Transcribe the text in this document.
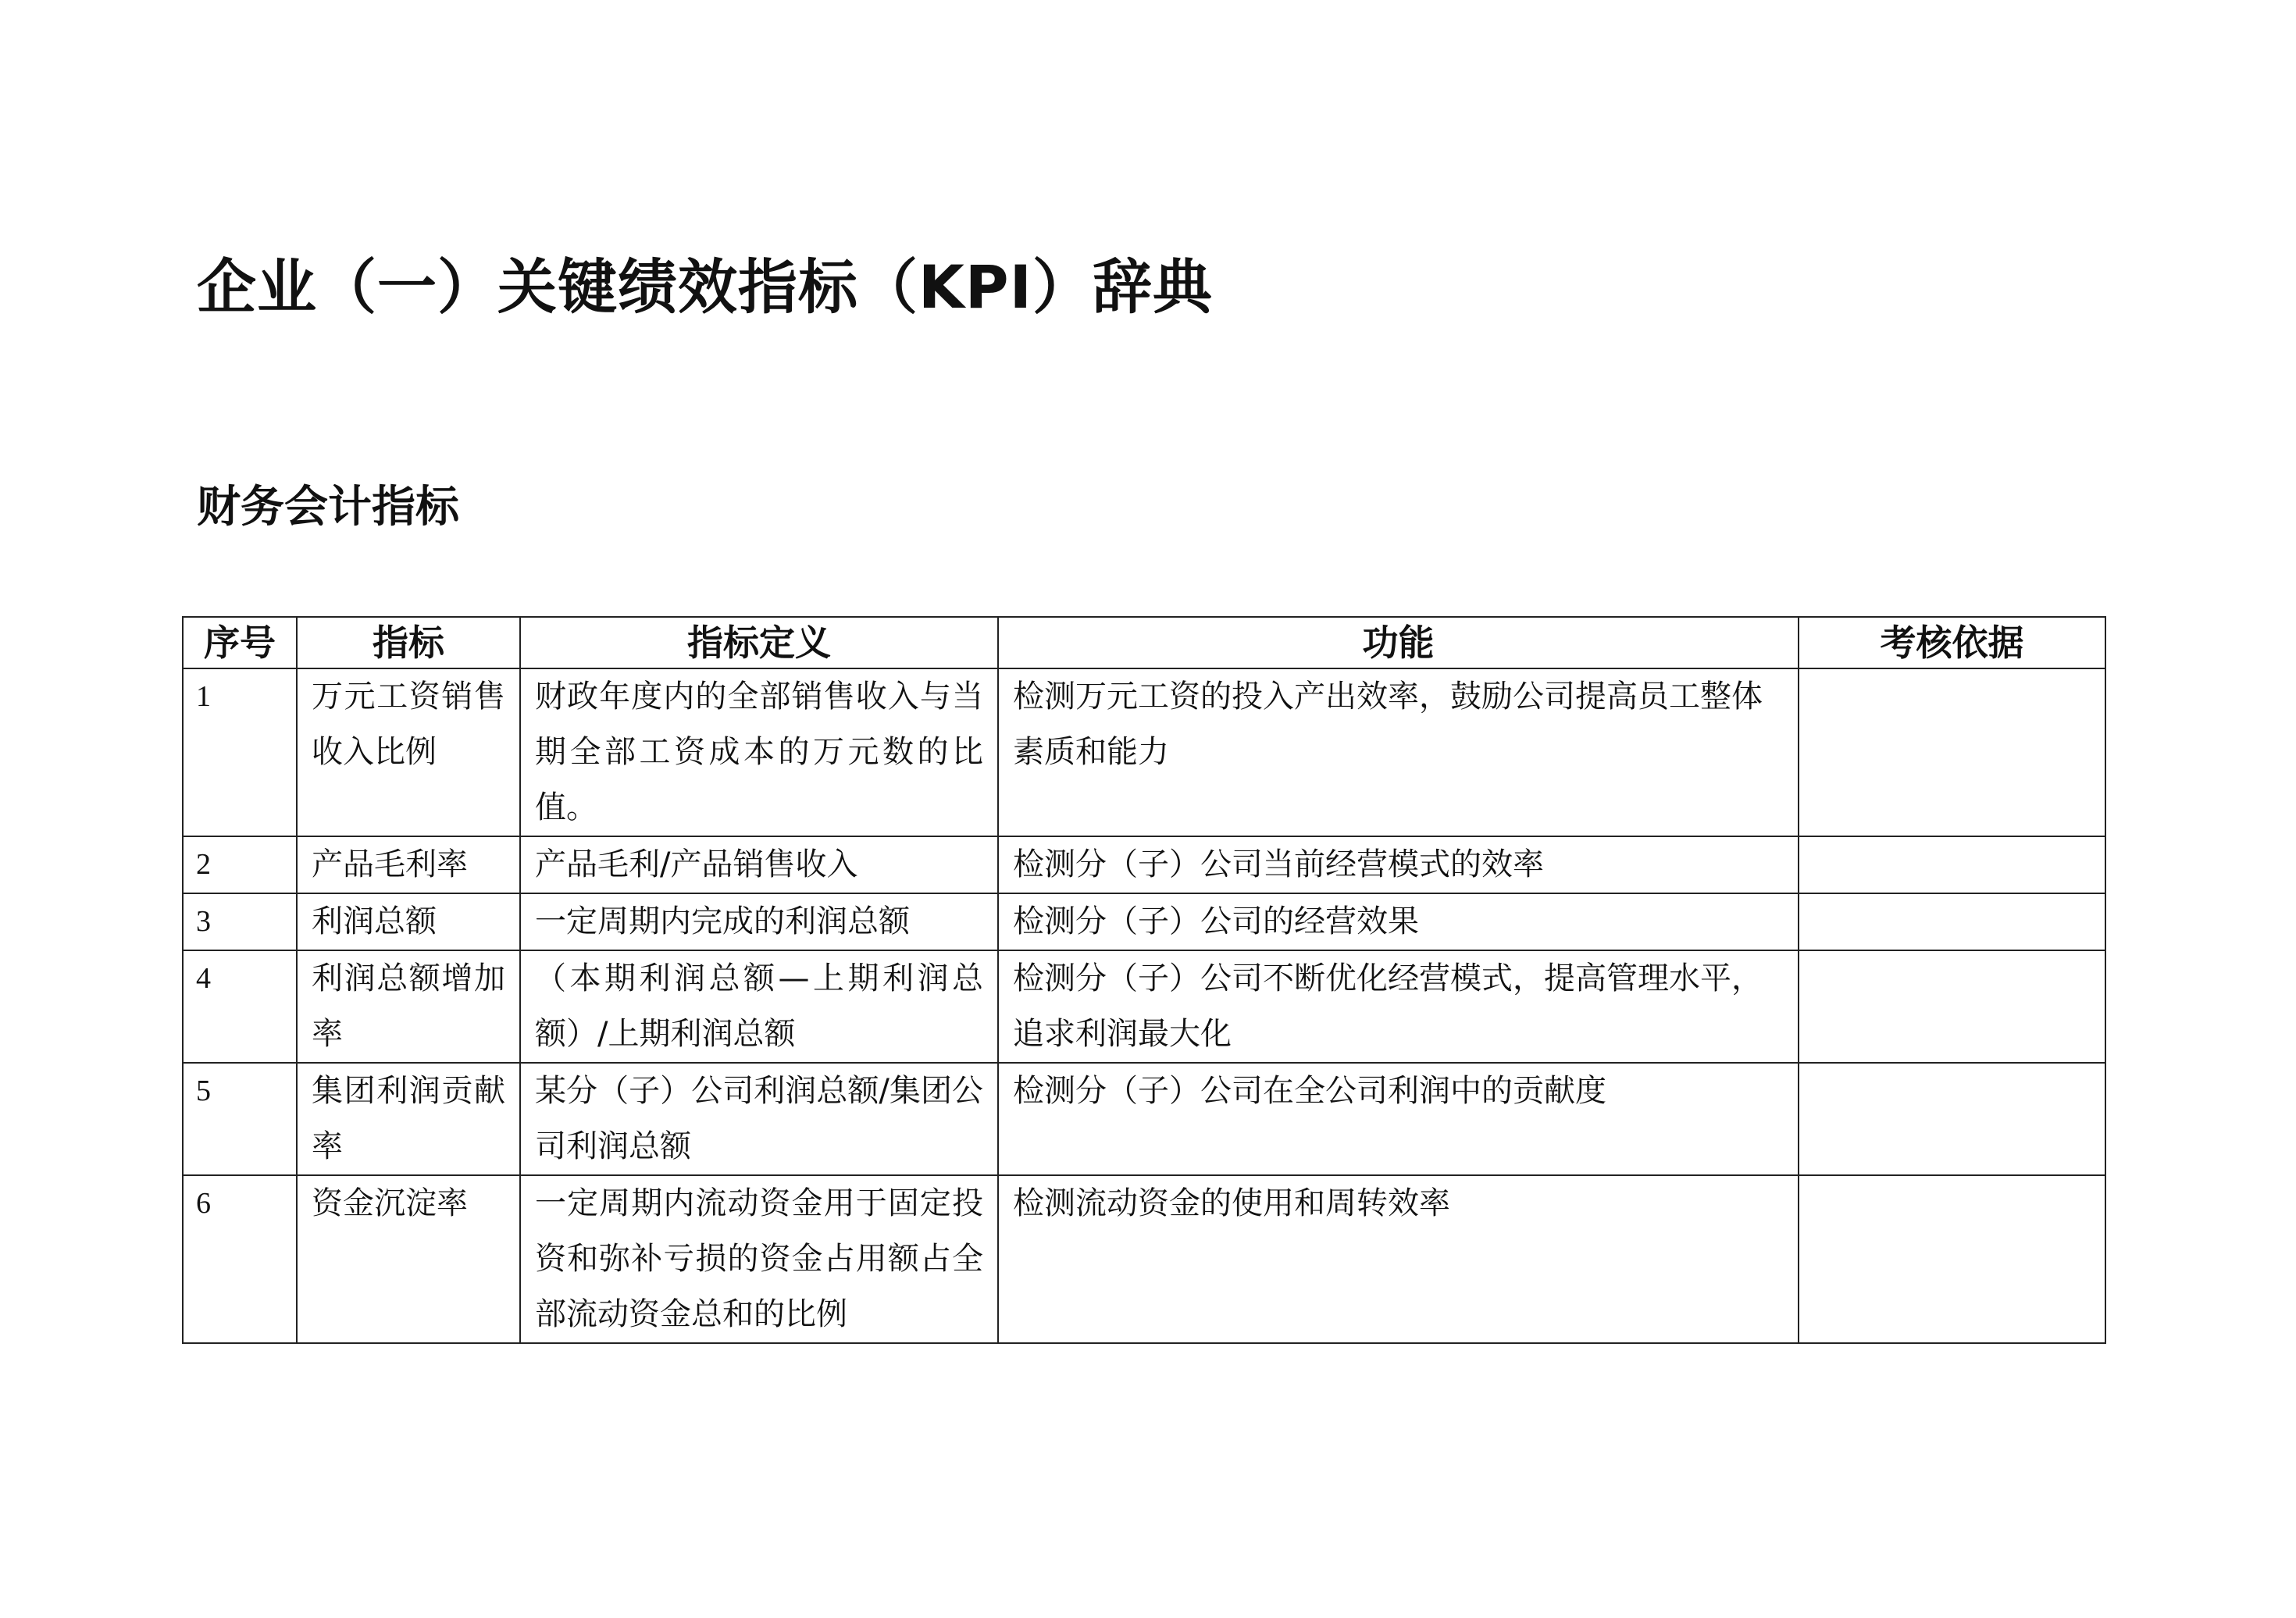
企业（一）关键绩效指标（KPI）辞典
财务会计指标
序号	指标	指标定义	功能	考核依据
1	万元工资销售收入比例	财政年度内的全部销售收入与当期全部工资成本的万元数的比值。	检测万元工资的投入产出效率，鼓励公司提高员工整体素质和能力	
2	产品毛利率	产品毛利/产品销售收入	检测分（子）公司当前经营模式的效率	
3	利润总额	一定周期内完成的利润总额	检测分（子）公司的经营效果	
4	利润总额增加率	（本期利润总额—上期利润总额）/上期利润总额	检测分（子）公司不断优化经营模式，提高管理水平，追求利润最大化	
5	集团利润贡献率	某分（子）公司利润总额/集团公司利润总额	检测分（子）公司在全公司利润中的贡献度	
6	资金沉淀率	一定周期内流动资金用于固定投资和弥补亏损的资金占用额占全部流动资金总和的比例	检测流动资金的使用和周转效率	
